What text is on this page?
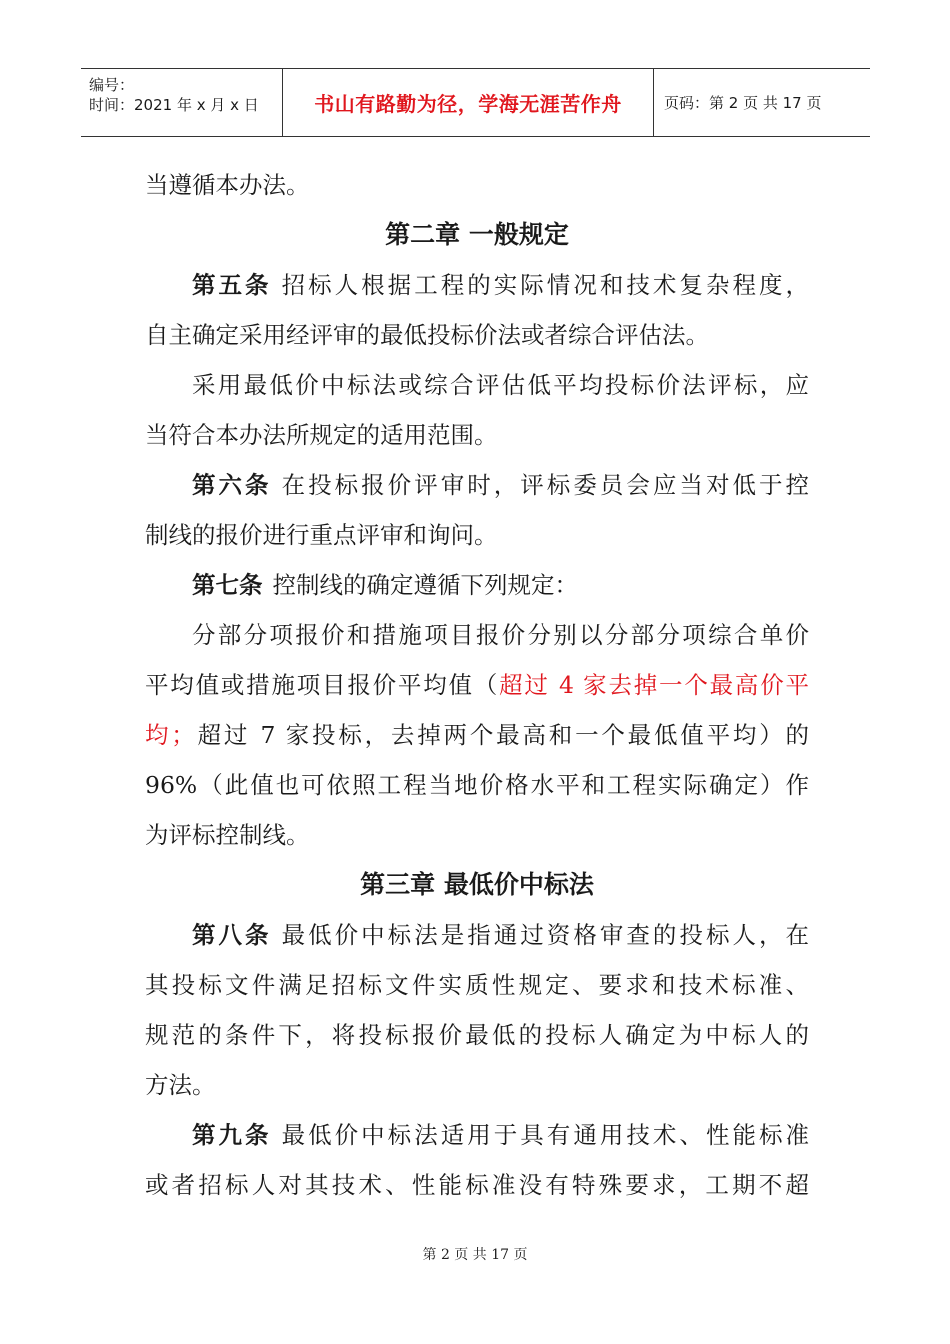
编号：
时间：2021 年 x 月 x 日	书山有路勤为径，学海无涯苦作舟	页码：第 2 页 共 17 页
当遵循本办法。
第二章 一般规定
第五条 招标人根据工程的实际情况和技术复杂程度，
自主确定采用经评审的最低投标价法或者综合评估法。
采用最低价中标法或综合评估低平均投标价法评标，应
当符合本办法所规定的适用范围。
第六条 在投标报价评审时，评标委员会应当对低于控
制线的报价进行重点评审和询问。
第七条 控制线的确定遵循下列规定：
分部分项报价和措施项目报价分别以分部分项综合单价
平均值或措施项目报价平均值（超过 4 家去掉一个最高价平
均；超过 7 家投标，去掉两个最高和一个最低值平均）的
96%（此值也可依照工程当地价格水平和工程实际确定）作
为评标控制线。
第三章 最低价中标法
第八条 最低价中标法是指通过资格审查的投标人，在
其投标文件满足招标文件实质性规定、要求和技术标准、
规范的条件下，将投标报价最低的投标人确定为中标人的
方法。
第九条 最低价中标法适用于具有通用技术、性能标准
或者招标人对其技术、性能标准没有特殊要求，工期不超
第 2 页 共 17 页
